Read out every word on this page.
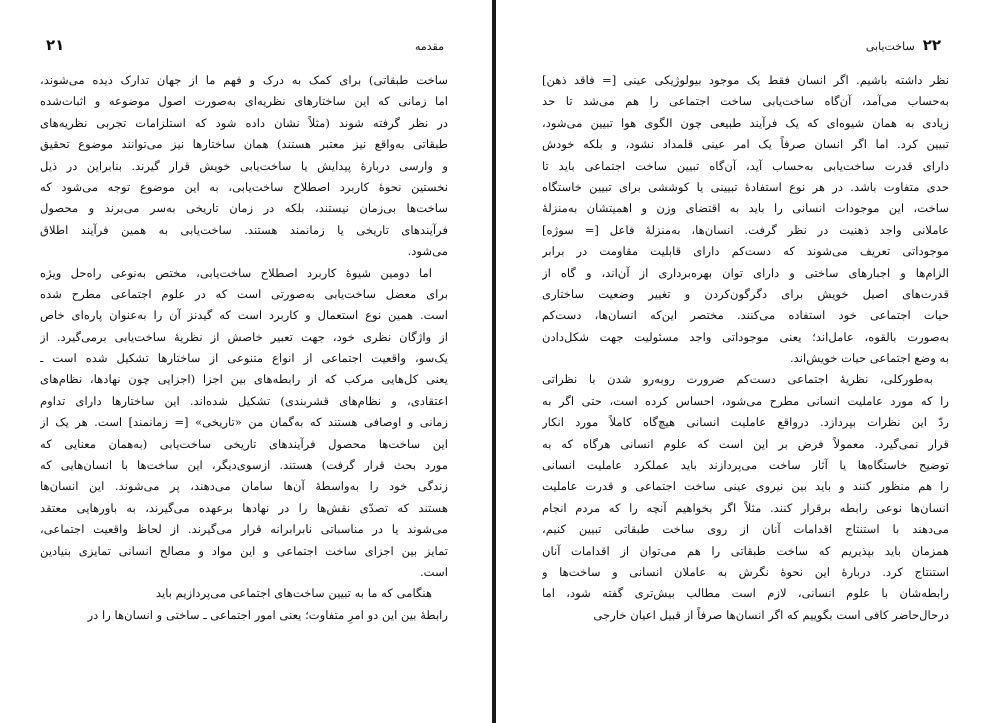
۲۲
ساخت‌یابی
نظر داشته باشیم. اگر انسان فقط یک موجود بیولوژیکی عینی [= فاقد ذهن]
به‌حساب می‌آمد، آن‌گاه ساخت‌یابی ساخت اجتماعی را هم می‌شد تا حد
زیادی به همان شیوه‌ای که یک فرآیند طبیعی چون الگوی هوا تبیین می‌شود،
تبیین کرد. اما اگر انسان صرفاً یک امر عینی قلمداد نشود، و بلکه خودش
دارای قدرت ساخت‌یابی به‌حساب آید، آن‌گاه تبیین ساخت اجتماعی باید تا
حدی متفاوت باشد. در هر نوع استفادهٔ تبیینی یا کوششی برای تبیین خاستگاه
ساخت، این موجودات انسانی را باید به اقتضای وزن و اهمیتشان به‌منزلهٔ
عاملانی واجد ذهنیت در نظر گرفت. انسان‌ها، به‌منزلهٔ فاعل [= سوژه]
موجوداتی تعریف می‌شوند که دست‌کم دارای قابلیت مقاومت در برابر
الزام‌ها و اجبارهای ساختی و دارای توان بهره‌برداری از آن‌اند، و گاه از
قدرت‌های اصیل خویش برای دگرگون‌کردن و تغییر وضعیت ساختاری
حیات اجتماعی خود استفاده می‌کنند. مختصر این‌که انسان‌ها، دست‌کم
به‌صورت بالقوه، عامل‌اند؛ یعنی موجوداتی واجد مسئولیت جهت شکل‌دادن
به وضع اجتماعی حیات خویش‌اند.
به‌طورکلی، نظریهٔ اجتماعی دست‌کم ضرورت روبه‌رو شدن با نظراتی
را که مورد عاملیت انسانی مطرح می‌شود، احساس کرده است، حتی اگر به
ردّ این نظرات بپردازد. درواقع عاملیت انسانی هیچ‌گاه کاملاً مورد انکار
قرار نمی‌گیرد. معمولاً فرض بر این است که علوم انسانی هرگاه که به
توضیح خاستگاه‌ها یا آثار ساخت می‌پردازند باید عملکرد عاملیت انسانی
را هم منظور کنند و باید بین نیروی عینی ساخت اجتماعی و قدرت عاملیت
انسان‌ها نوعی رابطه برقرار کنند. مثلاً اگر بخواهیم آنچه را که مردم انجام
می‌دهند با استنتاج اقدامات آنان از روی ساخت طبقاتی تبیین کنیم،
همزمان باید بپذیریم که ساخت طبقاتی را هم می‌توان از اقدامات آنان
استنتاج کرد. دربارهٔ این نحوهٔ نگرش به عاملان انسانی و ساخت‌ها و
رابطه‌شان با علوم انسانی، لازم است مطالب بیش‌تری گفته شود، اما
درحال‌حاضر کافی است بگوییم که اگر انسان‌ها صرفاً از قبیل اعیان خارجی
مقدمه
۲۱
ساخت طبقاتی) برای کمک به درک و فهم ما از جهان تدارک دیده می‌شوند،
اما زمانی که این ساختارهای نظریه‌ای به‌صورت اصول موضوعه و اثبات‌شده
در نظر گرفته شوند (مثلاً نشان داده شود که استلزامات تجربی نظریه‌های
طبقاتی به‌واقع نیز معتبر هستند) همان ساختارها نیز می‌توانند موضوع تحقیق
و وارسی درباره‌ٔ پیدایش یا ساخت‌یابی خویش قرار گیرند. بنابراین در ذیل
نخستین نحوهٔ کاربرد اصطلاح ساخت‌یابی، به این موضوع توجه می‌شود که
ساخت‌ها بی‌زمان نیستند، بلکه در زمان تاریخی به‌سر می‌برند و محصول
فرآیندهای تاریخی یا زمانمند هستند. ساخت‌یابی به همین فرآیند اطلاق
می‌شود.
اما دومین شیوهٔ کاربرد اصطلاح ساخت‌یابی، مختص به‌نوعی راه‌حل ویژه
برای معضل ساخت‌یابی به‌صورتی است که در علوم اجتماعی مطرح شده
است. همین نوع استعمال و کاربرد است که گیدنز آن را به‌عنوان پاره‌ای خاص
از واژگان نظری خود، جهت تعبیر خاصش از نظریهٔ ساخت‌یابی برمی‌گیرد. از
یک‌سو، واقعیت اجتماعی از انواع متنوعی از ساختارها تشکیل شده است ـ
یعنی کل‌هایی مرکب که از رابطه‌های بین اجزا (اجزایی چون نهادها، نظام‌های
اعتقادی، و نظام‌های قشربندی) تشکیل شده‌اند. این ساختارها دارای تداوم
زمانی و اوصافی هستند که به‌گمان من «تاریخی» [= زمانمند] است. هر یک از
این ساخت‌ها محصول فرآیندهای تاریخی ساخت‌یابی (به‌همان معنایی که
مورد بحث قرار گرفت) هستند. ازسوی‌دیگر، این ساخت‌ها با انسان‌هایی که
زندگی خود را به‌واسطهٔ آن‌ها سامان می‌دهند، پر می‌شوند. این انسان‌ها
هستند که تصدّی نقش‌ها را در نهادها برعهده می‌گیرند، به باورهایی معتقد
می‌شوند یا در مناسباتی نابرابرانه قرار می‌گیرند. از لحاظ واقعیت اجتماعی،
تمایز بین اجزای ساخت اجتماعی و این مواد و مصالح انسانی تمایزی بنیادین
است.
هنگامی که ما به تبیین ساخت‌های اجتماعی می‌پردازیم باید
رابطهٔ بین این دو امرِ متفاوت؛ یعنی امور اجتماعی ـ ساختی و انسان‌ها را در
